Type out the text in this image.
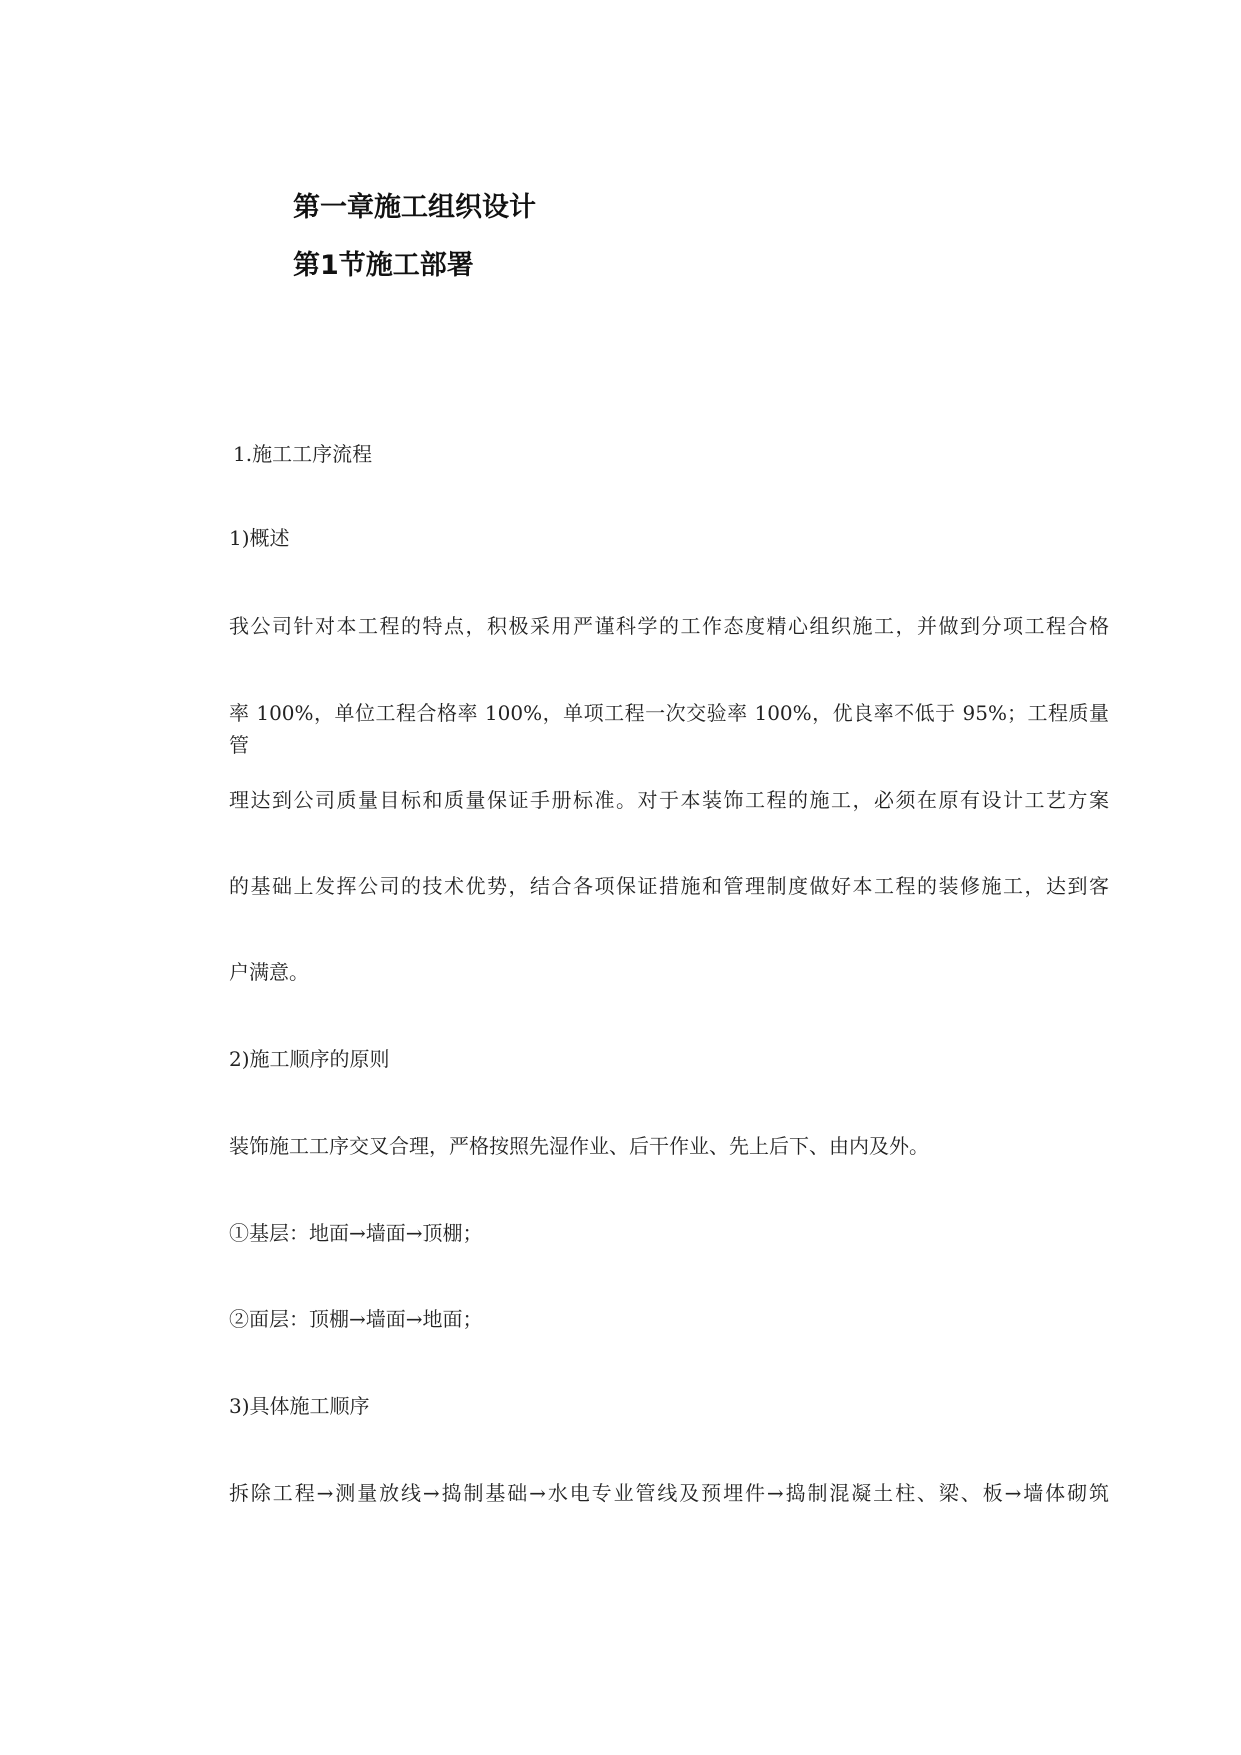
第一章施工组织设计
第1节施工部署
1.施工工序流程
1)概述
我公司针对本工程的特点，积极采用严谨科学的工作态度精心组织施工，并做到分项工程合格
率 100%，单位工程合格率 100%，单项工程一次交验率 100%，优良率不低于 95%；工程质量管
理达到公司质量目标和质量保证手册标准。对于本装饰工程的施工，必须在原有设计工艺方案
的基础上发挥公司的技术优势，结合各项保证措施和管理制度做好本工程的装修施工，达到客
户满意。
2)施工顺序的原则
装饰施工工序交叉合理，严格按照先湿作业、后干作业、先上后下、由内及外。
①基层：地面→墙面→顶棚；
②面层：顶棚→墙面→地面；
3)具体施工顺序
拆除工程→测量放线→捣制基础→水电专业管线及预埋件→捣制混凝土柱、梁、板→墙体砌筑
